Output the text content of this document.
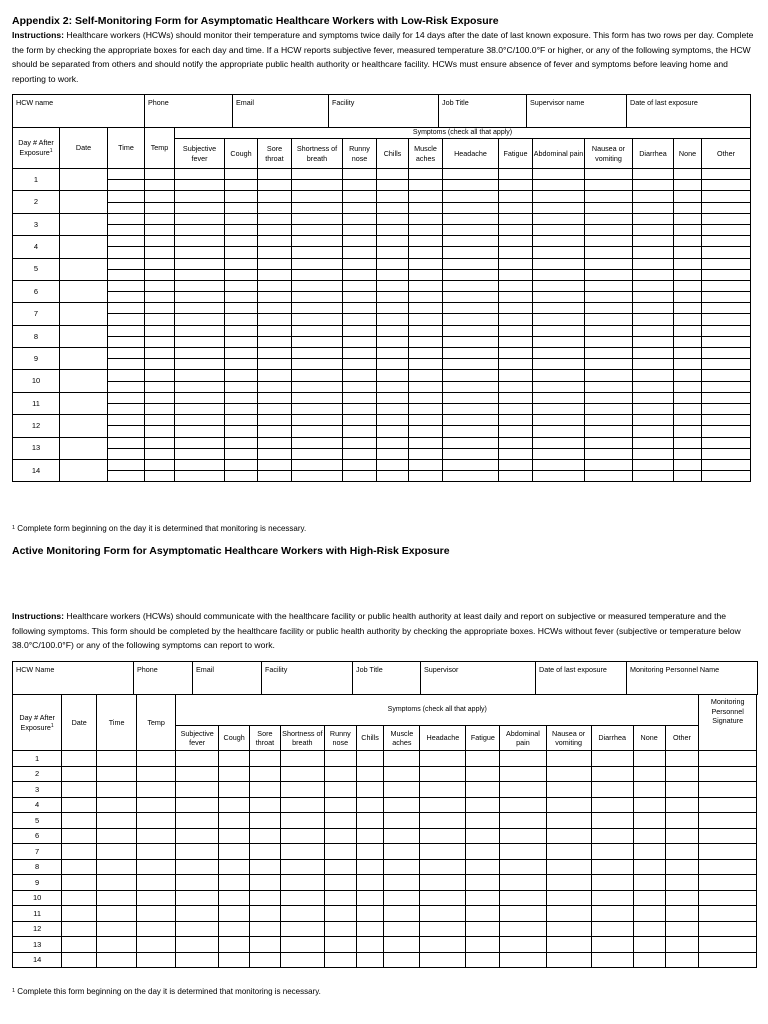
Appendix 2: Self-Monitoring Form for Asymptomatic Healthcare Workers with Low-Risk Exposure
Instructions: Healthcare workers (HCWs) should monitor their temperature and symptoms twice daily for 14 days after the date of last known exposure. This form has two rows per day. Complete the form by checking the appropriate boxes for each day and time. If a HCW reports subjective fever, measured temperature 38.0°C/100.0°F or higher, or any of the following symptoms, the HCW should be separated from others and should notify the appropriate public health authority or healthcare facility. HCWs must ensure absence of fever and symptoms before leaving home and reporting to work.
HCW name	Phone	Email	Facility	Job Title	Supervisor name	Date of last exposure
Day # After Exposure$^1$	Date	Time	Temp	Symptoms (check all that apply)													
				Subjective fever	Cough	Sore throat	Shortness of breath	Runny nose	Chills	Muscle aches	Headache	Fatigue	Abdominal pain	Nausea or vomiting	Diarrhea	None	Other
1																	

2																	

3																	

4																	

5																	

6																	

7																	

8																	

9																	

10																	

11																	

12																	

13																	

14																	

$^1$ Complete form beginning on the day it is determined that monitoring is necessary.
Active Monitoring Form for Asymptomatic Healthcare Workers with High-Risk Exposure
Instructions: Healthcare workers (HCWs) should communicate with the healthcare facility or public health authority at least daily and report on subjective or measured temperature and the following symptoms. This form should be completed by the healthcare facility or public health authority by checking the appropriate boxes. HCWs without fever (subjective or temperature below 38.0°C/100.0°F) or any of the following symptoms can report to work.
HCW Name	Phone	Email	Facility	Job Title	Supervisor	Date of last exposure	Monitoring Personnel Name
Day # After Exposure$^1$	Date	Time	Temp	Symptoms (check all that apply)														Monitoring Personnel Signature
				Subjective fever	Cough	Sore throat	Shortness of breath	Runny nose	Chills	Muscle aches	Headache	Fatigue	Abdominal pain	Nausea or vomiting	Diarrhea	None	Other	
1																		
2																		
3																		
4																		
5																		
6																		
7																		
8																		
9																		
10																		
11																		
12																		
13																		
14																		
$^1$ Complete this form beginning on the day it is determined that monitoring is necessary.
